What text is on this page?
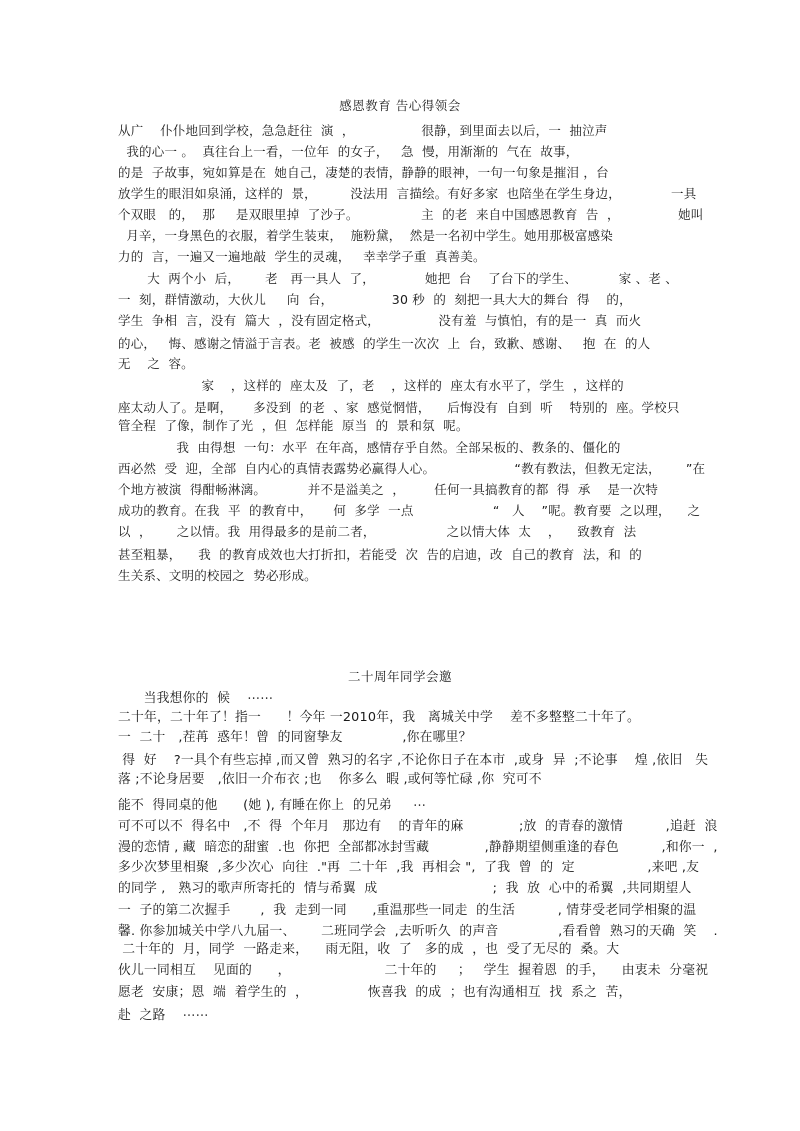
感恩教育 告心得领会
从广    仆仆地回到学校，急急赶往  演  ，                很静，到里面去以后，一  抽泣声
我的心一 。  真往台上一看，一位年  的女子，   急  慢，用渐渐的  气在  故事，
的是  子故事，宛如算是在  她自己，凄楚的表情，静静的眼神，一句一句象是摧泪 ，台
放学生的眼泪如泉涌，这样的  景，        没法用  言描绘。有好多家  也陪坐在学生身边，            一具
个双眼   的，  那     是双眼里掉  了沙子。               主  的老  来自中国感恩教育  告  ，              她叫
月辛，一身黑色的衣服，着学生装束，  施粉黛，  然是一名初中学生。她用那极富感染
力的  言，一遍又一遍地敲  学生的灵魂，   幸幸学子重  真善美。
大  两个小  后，      老   再一具人  了，            她把  台    了台下的学生、          家 、老 、
一  刻，群情激动，大伙儿     向  台，              30 秒  的  刻把一具大大的舞台  得    的，
学生  争相  言，没有  篇大  ，没有固定格式，              没有羞  与慎怕，有的是一  真  而火
的心，   悔、感谢之情溢于言表。老  被感  的学生一次次  上  台，致歉、感谢、   抱  在  的人
无    之  容。
家    ，这样的  座太及  了，老    ，这样的  座太有水平了，学生  ，这样的
座太动人了。是啊，     多没到  的老  、家  感觉惘惜，    后悔没有  自到  听    特别的  座。学校只
管全程  了像，制作了光  ，但  怎样能  原当  的  景和氛  呢。
我  由得想  一句：水平  在年高，感情存乎自然。全部呆板的、教条的、僵化的
西必然  受  迎，全部  自内心的真情表露势必赢得人心。                   “教有教法，但教无定法，      ”在
个地方被演  得酣畅淋漓。          并不是溢美之  ，       任何一具搞教育的都  得  承    是一次特
成功的教育。在我  平  的教育中，     何  多学  一点                   “   人    ”呢。教育要  之以理，    之
以  ，      之以情。我  用得最多的是前二者，                 之以情大体  太    ，    致教育  法
甚至粗暴，    我  的教育成效也大打折扣，若能受  次  告的启迪，改  自己的教育  法，和  的
生关系、文明的校园之  势必形成。
二十周年同学会邀
当我想你的  候    ⋯⋯
二十年，二十年了！指一      ！今年 一2010年，我   离城关中学    差不多整整二十年了。
一  二十   ,茬苒  惑年！曾  的同窗挚友              ,你在哪里？
得  好    ?一具个有些忘掉 ,而又曾  熟习的名字 ,不论你日子在本市  ,或身  异  ;不论事    煌 ,依旧   失
落 ;不论身居要   ,依旧一介布衣 ;也    你多么  暇 ,或何等忙碌 ,你  究可不
能不  得同桌的他      (她 ), 有睡在你上  的兄弟     ⋯
可不可以不  得名中   ,不  得  个年月   那边有    的青年的麻             ;放  的青春的激情          ,追赶  浪
漫的恋情 , 藏  暗恋的甜蜜  .也  你把  全部都冰封雪藏             ,静静期望侧重逢的春色          ,和你一  ,
多少次梦里相聚  ,多少次心  向往  ."再  二十年  ,我  再相会 ",  了我  曾  的  定                 ,来吧 ,友
的同学 ,   熟习的歌声所寄托的  情与希翼  成                           ;  我  放  心中的希翼  ,共同期望人
一  子的第二次握手       ,  我  走到一同      ,重温那些一同走  的生活          , 情芽受老同学相聚的温
馨. 你参加城关中学八九届一、      二班同学会  ,去听听久  的声音              ,看看曾  熟习的天确  笑    .
二十年的  月，同学  一路走来，    雨无阻，收  了   多的成  ，也  受了无尽的  桑。大
伙儿一同相互    见面的      ，                      二十年的     ；   学生  握着恩  的手，    由衷未  分毫祝
愿老  安康；恩  端  着学生的  ，              恢喜我  的成  ；也有沟通相互  找  系之  苦，
赴  之路    ⋯⋯
